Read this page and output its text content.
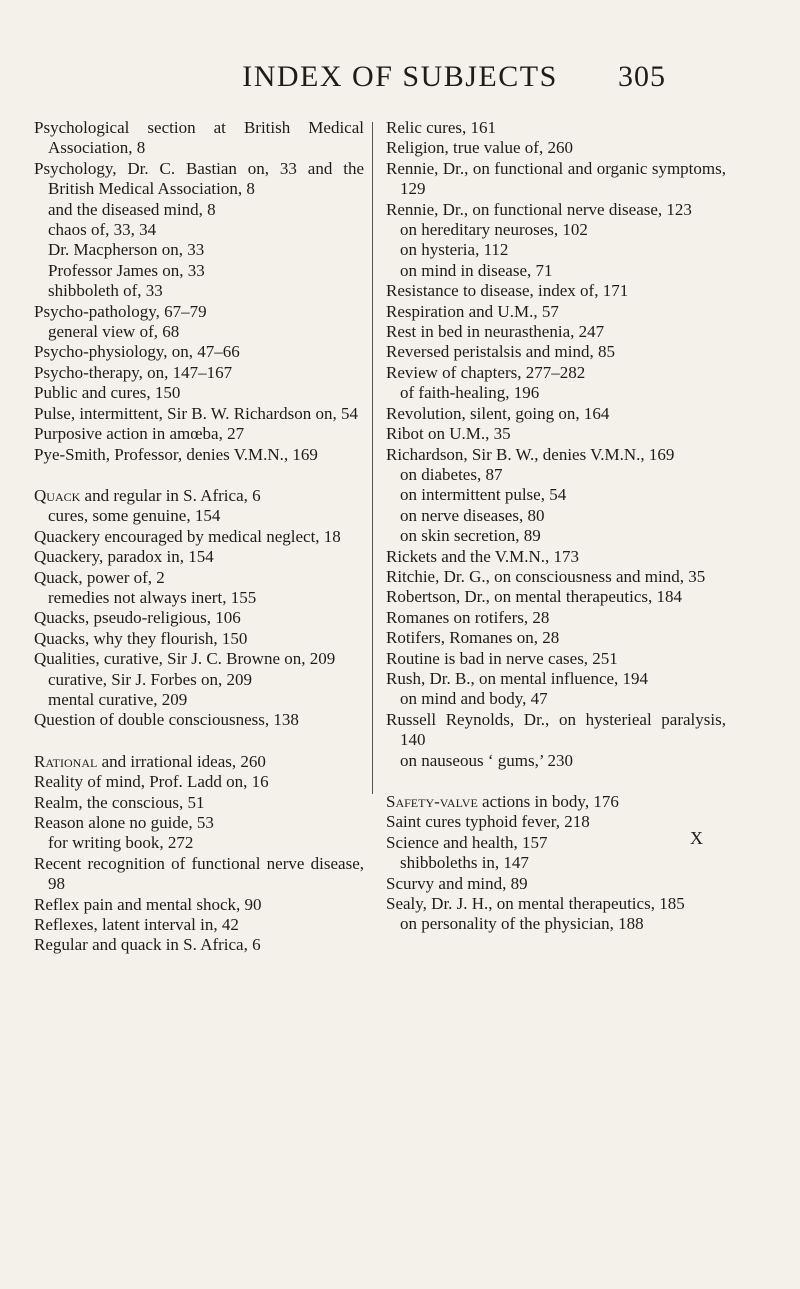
INDEX OF SUBJECTS	305

Psychological section at British Medical Association, 8

Psychology, Dr. C. Bastian on, 33 and the British Medical Association, 8

and the diseased mind, 8

chaos of, 33, 34

Dr. Macpherson on, 33

Professor James on, 33

shibboleth of, 33

Psycho-pathology, 67–79

general view of, 68

Psycho-physiology, on, 47–66

Psycho-therapy, on, 147–167

Public and cures, 150

Pulse, intermittent, Sir B. W. Richardson on, 54

Purposive action in amœba, 27

Pye-Smith, Professor, denies V.M.N., 169

Quack and regular in S. Africa, 6

cures, some genuine, 154

Quackery encouraged by medical neglect, 18

Quackery, paradox in, 154

Quack, power of, 2

remedies not always inert, 155

Quacks, pseudo-religious, 106

Quacks, why they flourish, 150

Qualities, curative, Sir J. C. Browne on, 209

curative, Sir J. Forbes on, 209

mental curative, 209

Question of double consciousness, 138

Rational and irrational ideas, 260

Reality of mind, Prof. Ladd on, 16

Realm, the conscious, 51

Reason alone no guide, 53

for writing book, 272

Recent recognition of functional nerve disease, 98

Reflex pain and mental shock, 90

Reflexes, latent interval in, 42

Regular and quack in S. Africa, 6

Relic cures, 161

Religion, true value of, 260

Rennie, Dr., on functional and organic symptoms, 129

Rennie, Dr., on functional nerve disease, 123

on hereditary neuroses, 102

on hysteria, 112

on mind in disease, 71

Resistance to disease, index of, 171

Respiration and U.M., 57

Rest in bed in neurasthenia, 247

Reversed peristalsis and mind, 85

Review of chapters, 277–282

of faith-healing, 196

Revolution, silent, going on, 164

Ribot on U.M., 35

Richardson, Sir B. W., denies V.M.N., 169

on diabetes, 87

on intermittent pulse, 54

on nerve diseases, 80

on skin secretion, 89

Rickets and the V.M.N., 173

Ritchie, Dr. G., on consciousness and mind, 35

Robertson, Dr., on mental therapeutics, 184

Romanes on rotifers, 28

Rotifers, Romanes on, 28

Routine is bad in nerve cases, 251

Rush, Dr. B., on mental influence, 194

on mind and body, 47

Russell Reynolds, Dr., on hysterieal paralysis, 140

on nauseous ‘ gums,’ 230

Safety-valve actions in body, 176

Saint cures typhoid fever, 218

Science and health, 157

shibboleths in, 147

Scurvy and mind, 89

Sealy, Dr. J. H., on mental therapeutics, 185

on personality of the physician, 188

X
